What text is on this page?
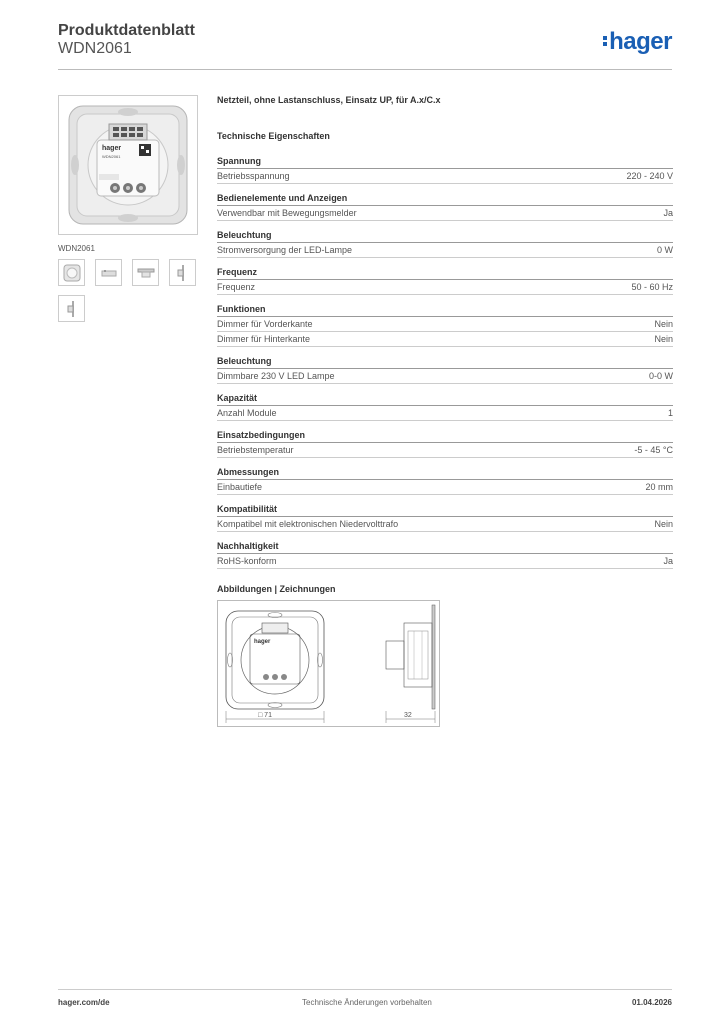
Produktdatenblatt
WDN2061	hager
hager
WDN2061
WDN2061
Netzteil, ohne Lastanschluss, Einsatz UP, für A.x/C.x
Technische Eigenschaften
Spannung
Betriebsspannung	220 - 240 V
Bedienelemente und Anzeigen
Verwendbar mit Bewegungsmelder	Ja
Beleuchtung
Stromversorgung der LED-Lampe	0 W
Frequenz
Frequenz	50 - 60 Hz
Funktionen
Dimmer für Vorderkante	Nein
Dimmer für Hinterkante	Nein
Beleuchtung
Dimmbare 230 V LED Lampe	0-0 W
Kapazität
Anzahl Module	1
Einsatzbedingungen
Betriebstemperatur	-5 - 45 °C
Abmessungen
Einbautiefe	20 mm
Kompatibilität
Kompatibel mit elektronischen Niedervolttrafo	Nein
Nachhaltigkeit
RoHS-konform	Ja
Abbildungen | Zeichnungen
hager
□ 71	32
hager.com/de	Technische Änderungen vorbehalten	01.04.2026
